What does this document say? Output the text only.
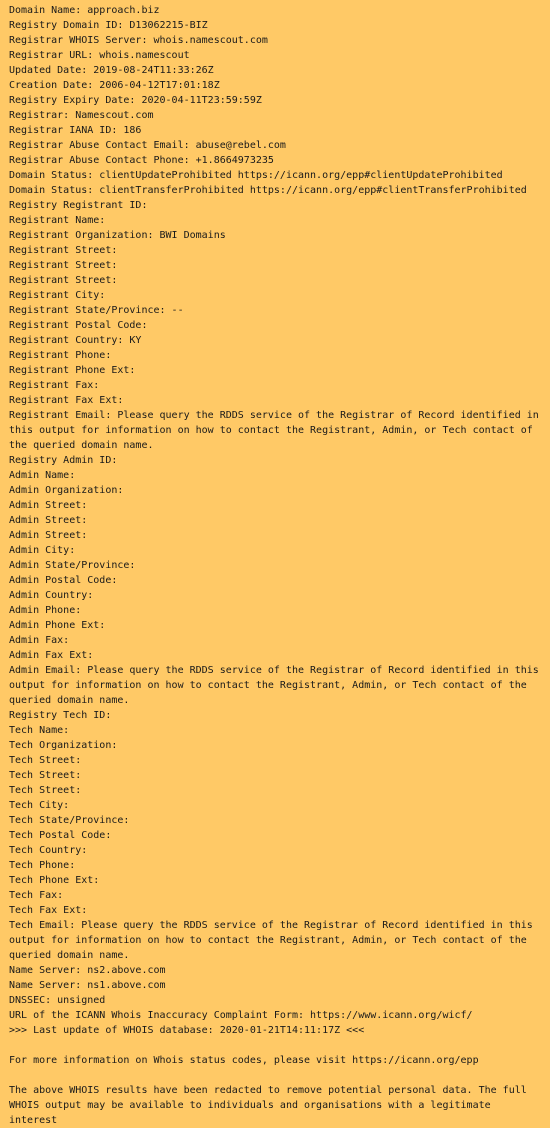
Domain Name: approach.biz
Registry Domain ID: D13062215-BIZ
Registrar WHOIS Server: whois.namescout.com
Registrar URL: whois.namescout
Updated Date: 2019-08-24T11:33:26Z
Creation Date: 2006-04-12T17:01:18Z
Registry Expiry Date: 2020-04-11T23:59:59Z
Registrar: Namescout.com
Registrar IANA ID: 186
Registrar Abuse Contact Email: abuse@rebel.com
Registrar Abuse Contact Phone: +1.8664973235
Domain Status: clientUpdateProhibited https://icann.org/epp#clientUpdateProhibited
Domain Status: clientTransferProhibited https://icann.org/epp#clientTransferProhibited
Registry Registrant ID:
Registrant Name:
Registrant Organization: BWI Domains
Registrant Street:
Registrant Street:
Registrant Street:
Registrant City:
Registrant State/Province: --
Registrant Postal Code:
Registrant Country: KY
Registrant Phone:
Registrant Phone Ext:
Registrant Fax:
Registrant Fax Ext:
Registrant Email: Please query the RDDS service of the Registrar of Record identified in this output for information on how to contact the Registrant, Admin, or Tech contact of the queried domain name.
Registry Admin ID:
Admin Name:
Admin Organization:
Admin Street:
Admin Street:
Admin Street:
Admin City:
Admin State/Province:
Admin Postal Code:
Admin Country:
Admin Phone:
Admin Phone Ext:
Admin Fax:
Admin Fax Ext:
Admin Email: Please query the RDDS service of the Registrar of Record identified in this output for information on how to contact the Registrant, Admin, or Tech contact of the queried domain name.
Registry Tech ID:
Tech Name:
Tech Organization:
Tech Street:
Tech Street:
Tech Street:
Tech City:
Tech State/Province:
Tech Postal Code:
Tech Country:
Tech Phone:
Tech Phone Ext:
Tech Fax:
Tech Fax Ext:
Tech Email: Please query the RDDS service of the Registrar of Record identified in this output for information on how to contact the Registrant, Admin, or Tech contact of the queried domain name.
Name Server: ns2.above.com
Name Server: ns1.above.com
DNSSEC: unsigned
URL of the ICANN Whois Inaccuracy Complaint Form: https://www.icann.org/wicf/
>>> Last update of WHOIS database: 2020-01-21T14:11:17Z <<<
For more information on Whois status codes, please visit https://icann.org/epp
The above WHOIS results have been redacted to remove potential personal data. The full WHOIS output may be available to individuals and organisations with a legitimate interest
